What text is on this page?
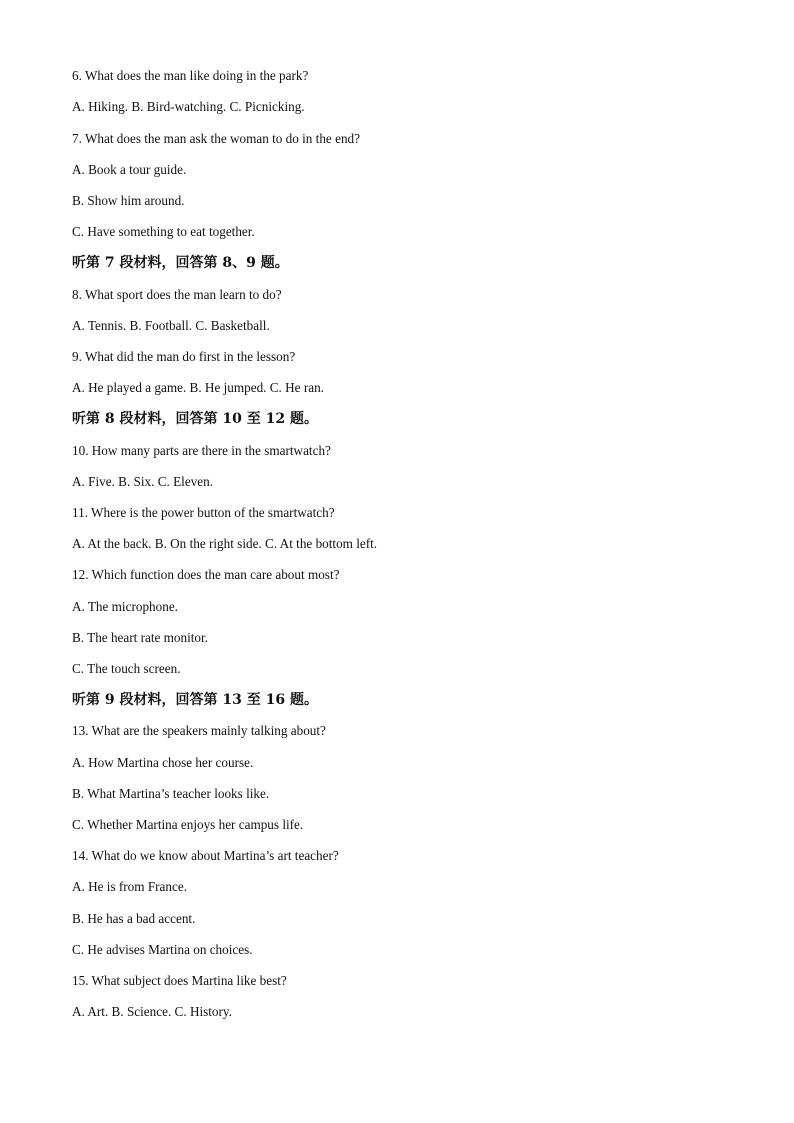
6. What does the man like doing in the park?
A. Hiking. B. Bird-watching. C. Picnicking.
7. What does the man ask the woman to do in the end?
A. Book a tour guide.
B. Show him around.
C. Have something to eat together.
听第 7 段材料，回答第 8、9 题。
8. What sport does the man learn to do?
A. Tennis. B. Football. C. Basketball.
9. What did the man do first in the lesson?
A. He played a game. B. He jumped. C. He ran.
听第 8 段材料，回答第 10 至 12 题。
10. How many parts are there in the smartwatch?
A. Five. B. Six. C. Eleven.
11. Where is the power button of the smartwatch?
A. At the back. B. On the right side. C. At the bottom left.
12. Which function does the man care about most?
A. The microphone.
B. The heart rate monitor.
C. The touch screen.
听第 9 段材料，回答第 13 至 16 题。
13. What are the speakers mainly talking about?
A. How Martina chose her course.
B. What Martina’s teacher looks like.
C. Whether Martina enjoys her campus life.
14. What do we know about Martina’s art teacher?
A. He is from France.
B. He has a bad accent.
C. He advises Martina on choices.
15. What subject does Martina like best?
A. Art. B. Science. C. History.
